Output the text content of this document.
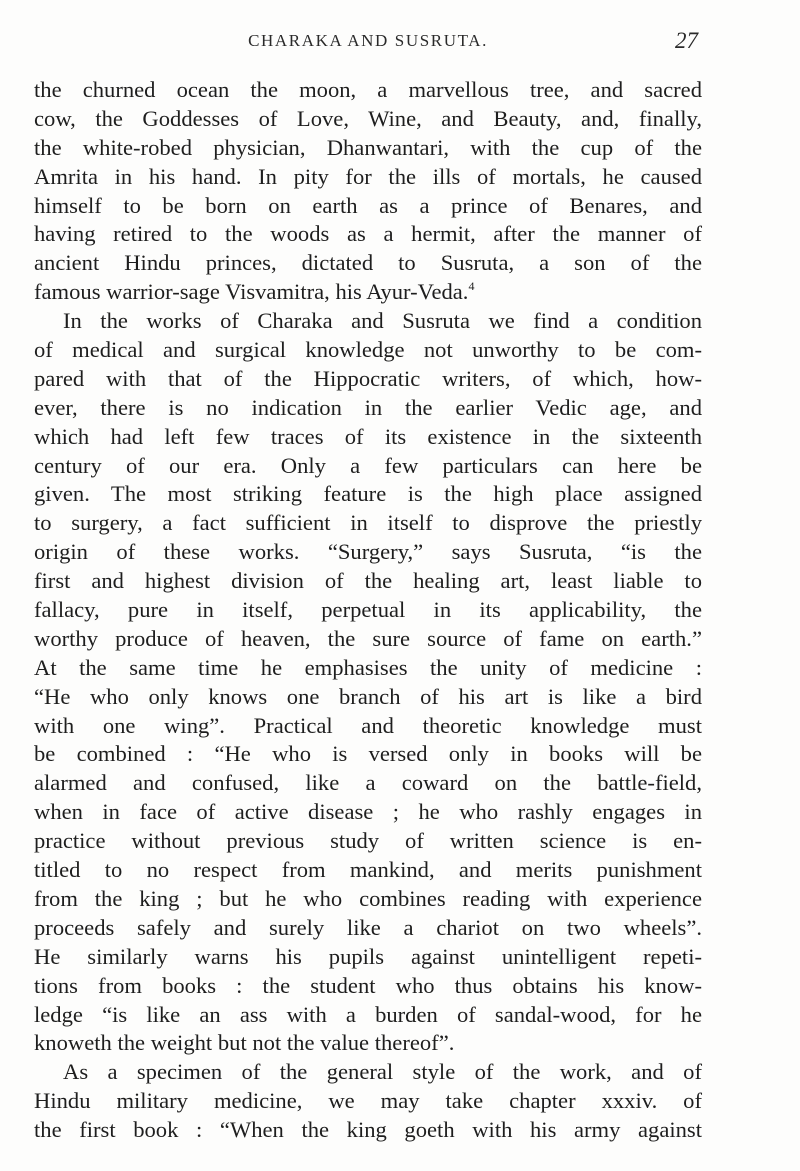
CHARAKA AND SUSRUTA.	27
the churned ocean the moon, a marvellous tree, and sacred
cow, the Goddesses of Love, Wine, and Beauty, and, finally,
the white-robed physician, Dhanwantari, with the cup of the
Amrita in his hand. In pity for the ills of mortals, he caused
himself to be born on earth as a prince of Benares, and
having retired to the woods as a hermit, after the manner of
ancient Hindu princes, dictated to Susruta, a son of the
famous warrior-sage Visvamitra, his Ayur-Veda.$^4$
In the works of Charaka and Susruta we find a condition
of medical and surgical knowledge not unworthy to be com-
pared with that of the Hippocratic writers, of which, how-
ever, there is no indication in the earlier Vedic age, and
which had left few traces of its existence in the sixteenth
century of our era. Only a few particulars can here be
given. The most striking feature is the high place assigned
to surgery, a fact sufficient in itself to disprove the priestly
origin of these works. “Surgery,” says Susruta, “is the
first and highest division of the healing art, least liable to
fallacy, pure in itself, perpetual in its applicability, the
worthy produce of heaven, the sure source of fame on earth.”
At the same time he emphasises the unity of medicine :
“He who only knows one branch of his art is like a bird
with one wing”. Practical and theoretic knowledge must
be combined : “He who is versed only in books will be
alarmed and confused, like a coward on the battle-field,
when in face of active disease ; he who rashly engages in
practice without previous study of written science is en-
titled to no respect from mankind, and merits punishment
from the king ; but he who combines reading with experience
proceeds safely and surely like a chariot on two wheels”.
He similarly warns his pupils against unintelligent repeti-
tions from books : the student who thus obtains his know-
ledge “is like an ass with a burden of sandal-wood, for he
knoweth the weight but not the value thereof”.
As a specimen of the general style of the work, and of
Hindu military medicine, we may take chapter xxxiv. of
the first book : “When the king goeth with his army against
